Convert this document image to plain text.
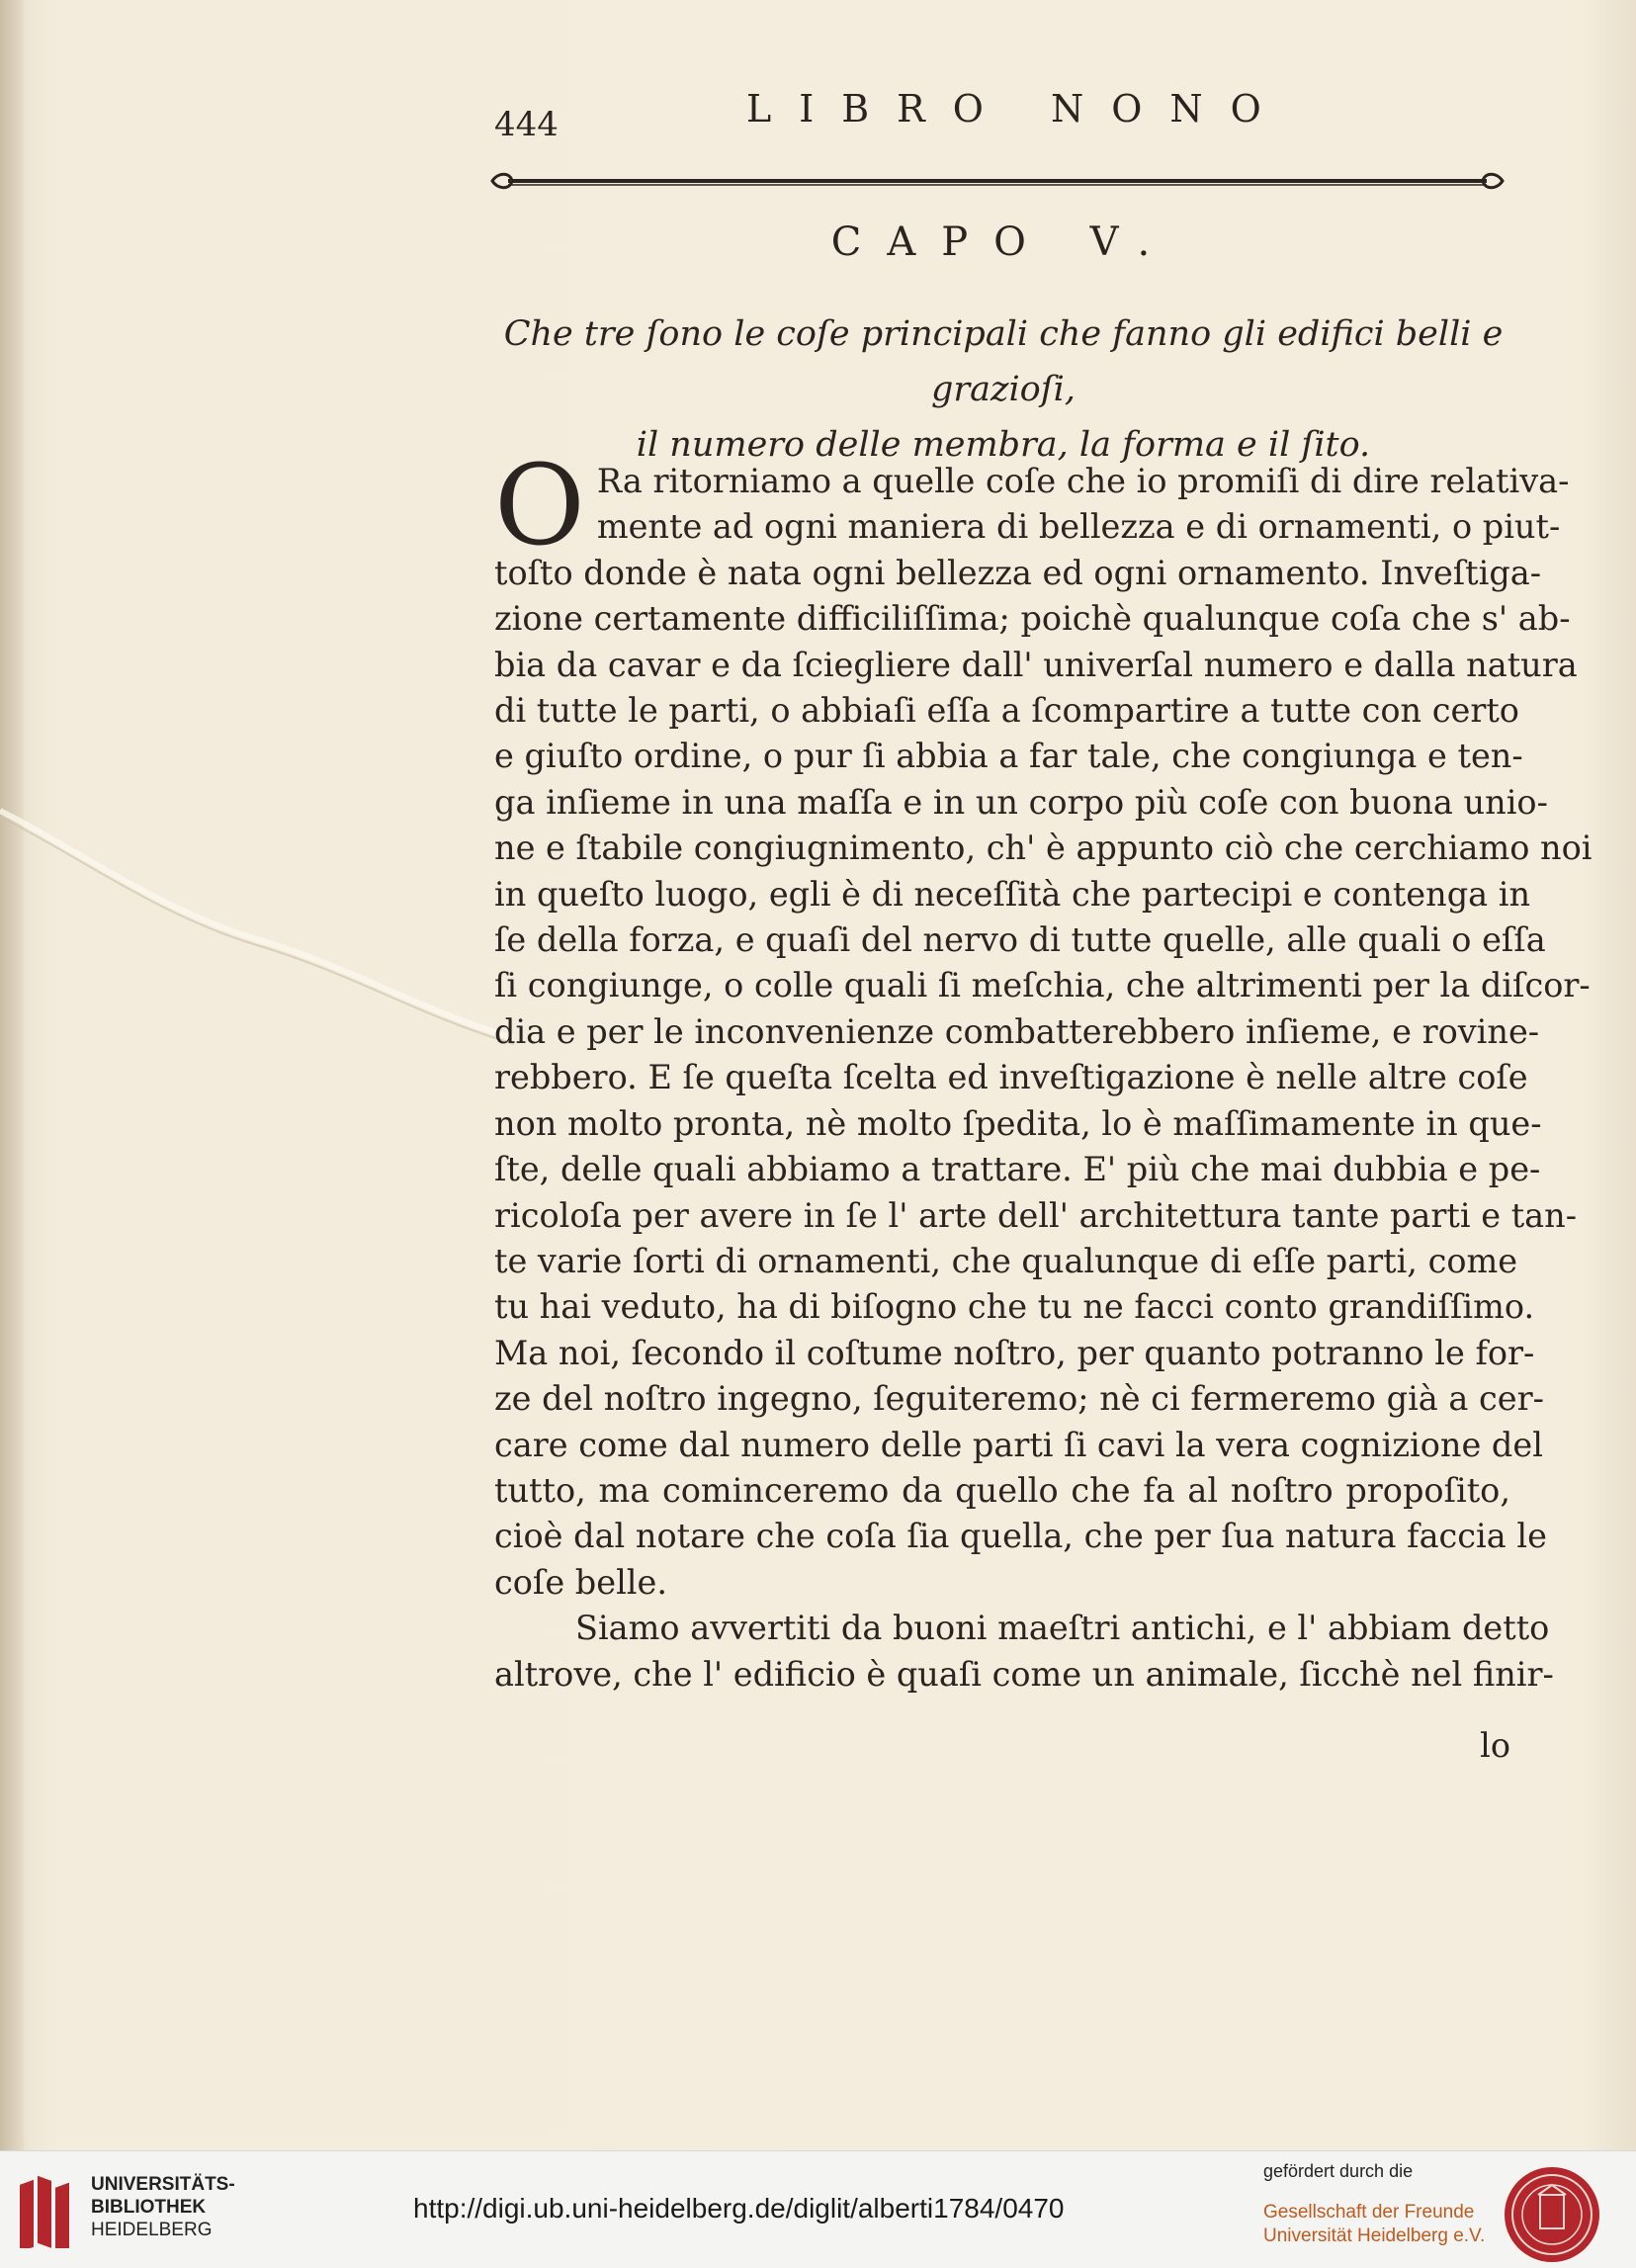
444	LIBRO NONO
CAPO V.
Che tre ſono le coſe principali che fanno gli edifici belli e grazioſi,
il numero delle membra, la forma e il ſito.
O Ra ritorniamo a quelle coſe che io promiſi di dire relativa-
mente ad ogni maniera di bellezza e di ornamenti, o piut-
toſto donde è nata ogni bellezza ed ogni ornamento. Inveſtiga-
zione certamente difficiliſſima; poichè qualunque coſa che s' ab-
bia da cavar e da ſciegliere dall' univerſal numero e dalla natura
di tutte le parti, o abbiaſi eſſa a ſcompartire a tutte con certo
e giuſto ordine, o pur ſi abbia a far tale, che congiunga e ten-
ga inſieme in una maſſa e in un corpo più coſe con buona unio-
ne e ſtabile congiugnimento, ch' è appunto ciò che cerchiamo noi
in queſto luogo, egli è di neceſſità che partecipi e contenga in
ſe della forza, e quaſi del nervo di tutte quelle, alle quali o eſſa
ſi congiunge, o colle quali ſi meſchia, che altrimenti per la diſcor-
dia e per le inconvenienze combatterebbero inſieme, e rovine-
rebbero. E ſe queſta ſcelta ed inveſtigazione è nelle altre coſe
non molto pronta, nè molto ſpedita, lo è maſſimamente in que-
ſte, delle quali abbiamo a trattare. E' più che mai dubbia e pe-
ricoloſa per avere in ſe l' arte dell' architettura tante parti e tan-
te varie ſorti di ornamenti, che qualunque di eſſe parti, come
tu hai veduto, ha di biſogno che tu ne facci conto grandiſſimo.
Ma noi, ſecondo il coſtume noſtro, per quanto potranno le for-
ze del noſtro ingegno, ſeguiteremo; nè ci fermeremo già a cer-
care come dal numero delle parti ſi cavi la vera cognizione del
tutto, ma cominceremo da quello che fa al noſtro propoſito,
cioè dal notare che coſa ſia quella, che per ſua natura faccia le
coſe belle.
Siamo avvertiti da buoni maeſtri antichi, e l' abbiam detto
altrove, che l' edificio è quaſi come un animale, ſicchè nel finir-
lo
UNIVERSITÄTS-
BIBLIOTHEK
HEIDELBERG
http://digi.ub.uni-heidelberg.de/diglit/alberti1784/0470
gefördert durch die
Gesellschaft der Freunde
Universität Heidelberg e.V.
